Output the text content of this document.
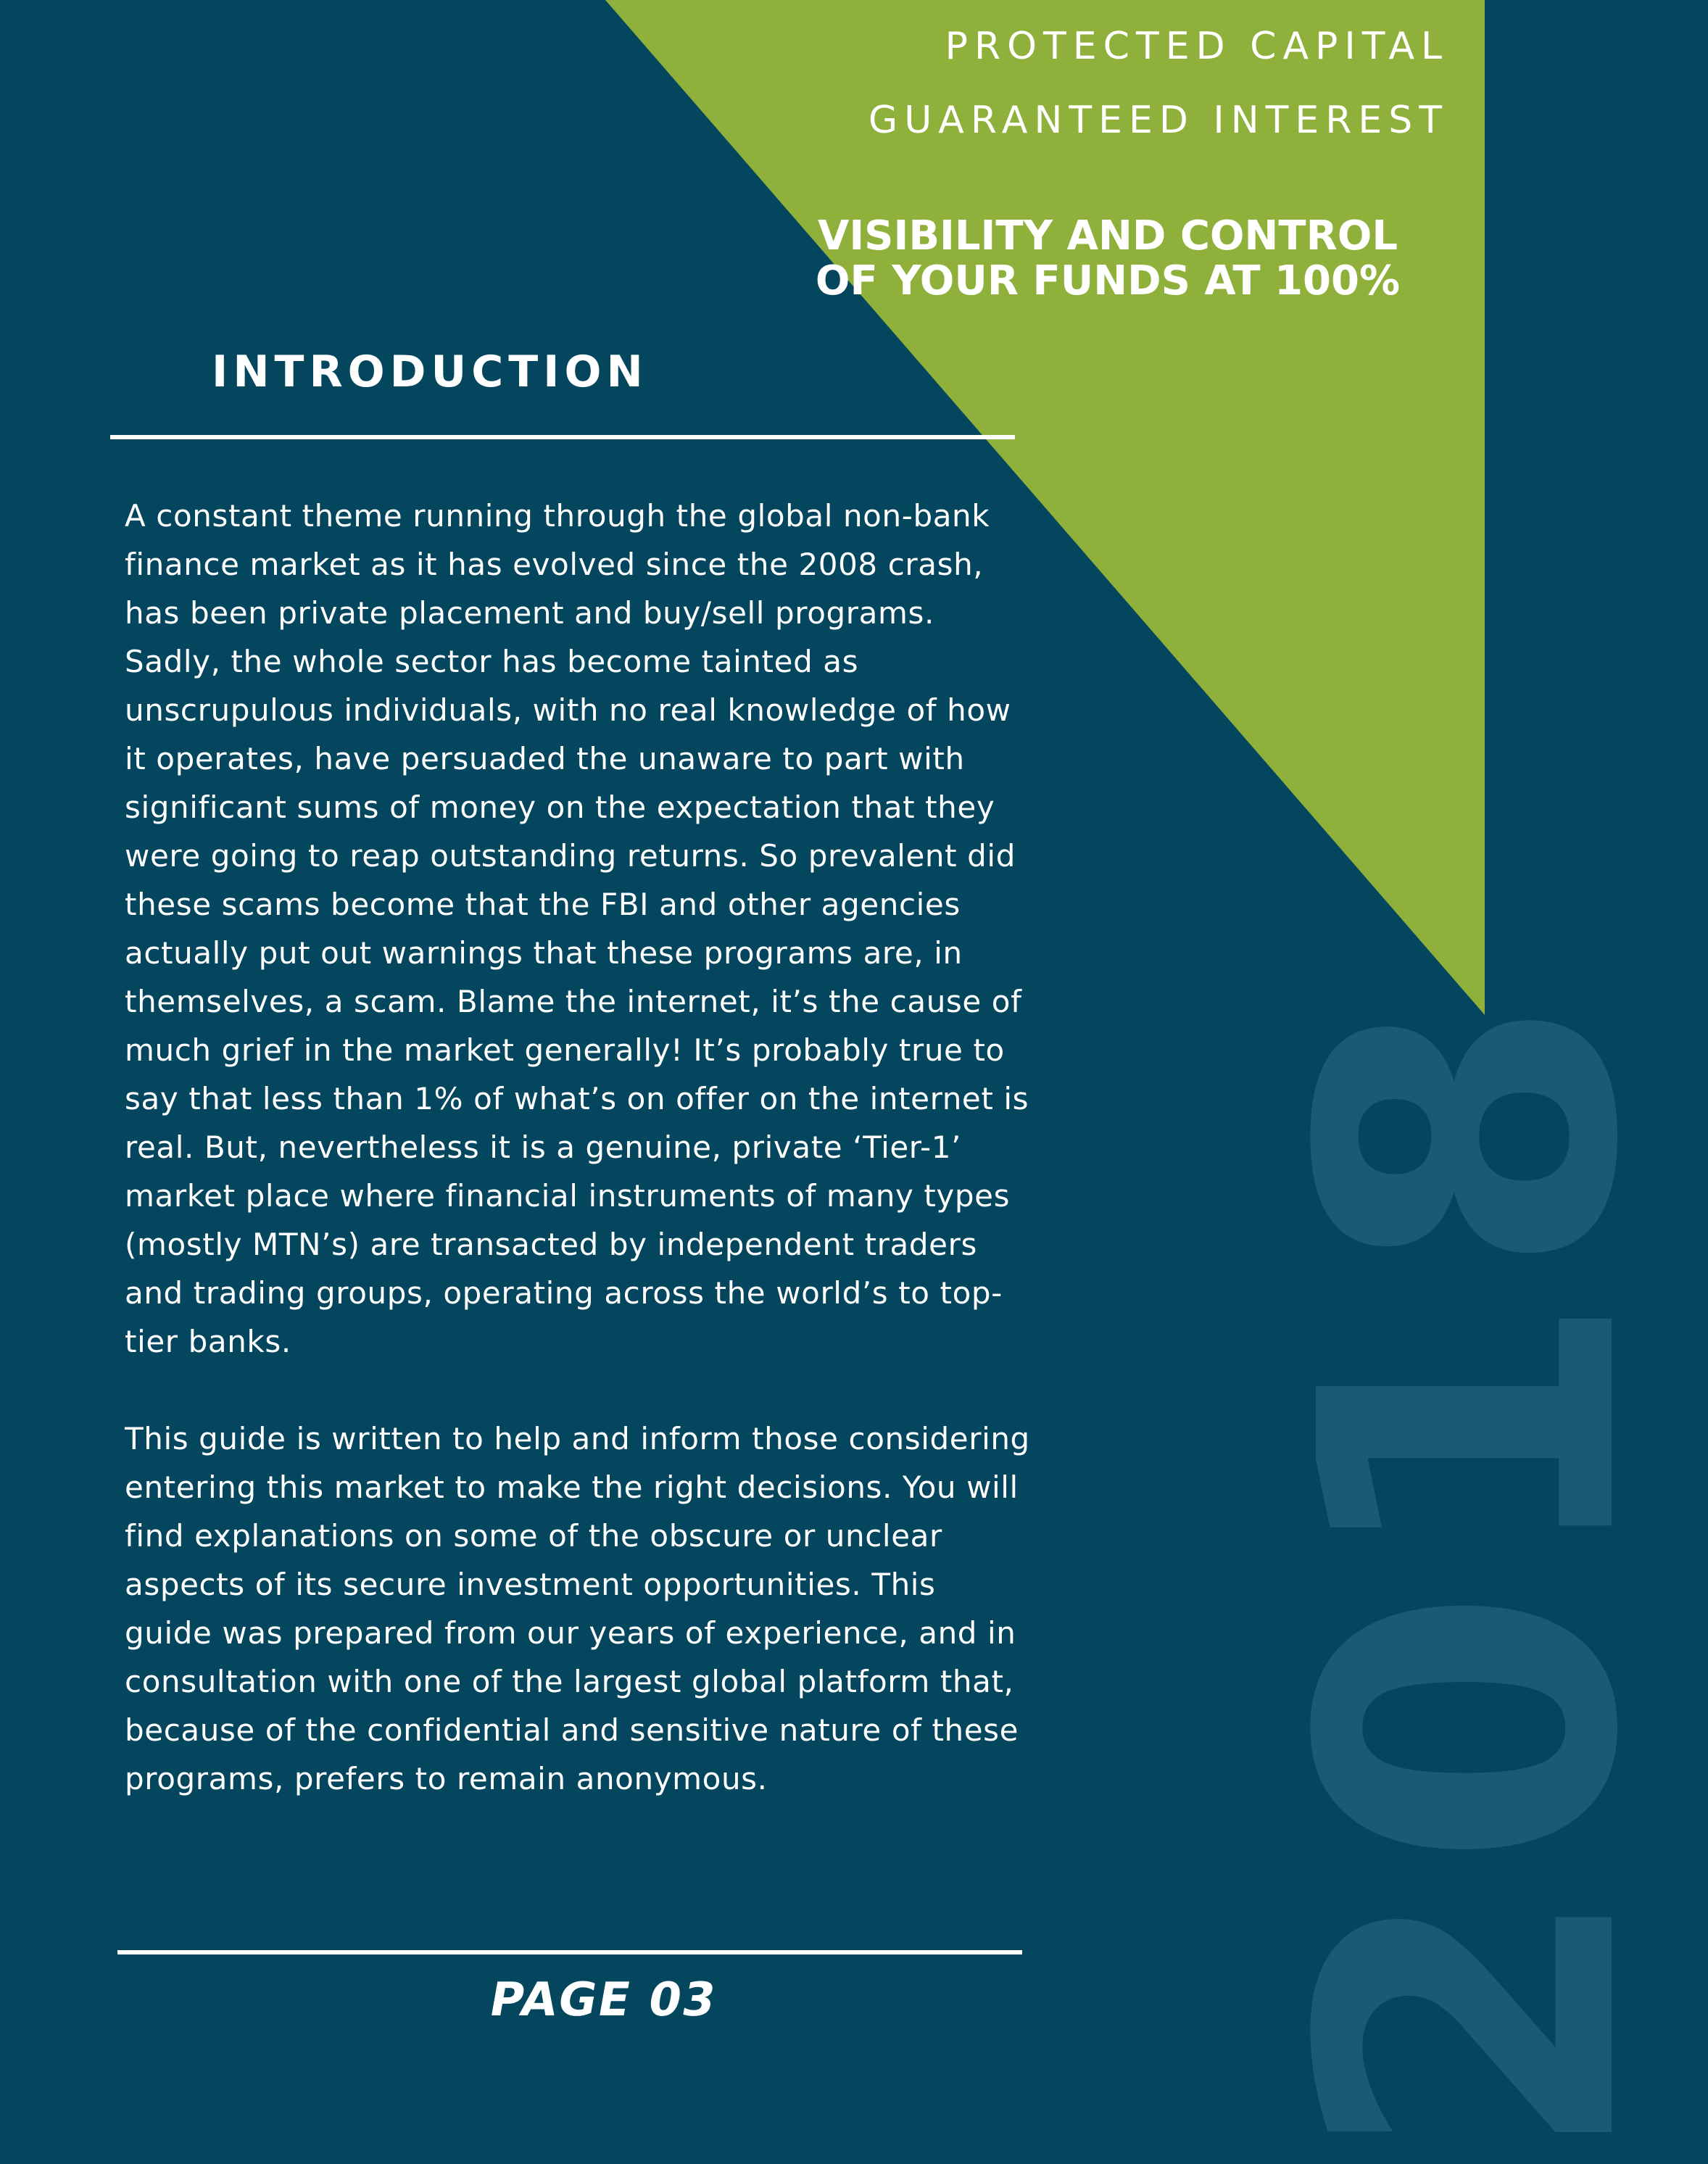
2018
PROTECTED CAPITAL
GUARANTEED INTEREST
VISIBILITY AND CONTROL
OF YOUR FUNDS AT 100%
INTRODUCTION

A constant theme running through the global non-bank finance market as it has evolved since the 2008 crash, has been private placement and buy/sell programs. Sadly, the whole sector has become tainted as unscrupulous individuals, with no real knowledge of how it operates, have persuaded the unaware to part with significant sums of money on the expectation that they were going to reap outstanding returns. So prevalent did these scams become that the FBI and other agencies actually put out warnings that these programs are, in themselves, a scam. Blame the internet, it’s the cause of much grief in the market generally! It’s probably true to say that less than 1% of what’s on offer on the internet is real. But, nevertheless it is a genuine, private ‘Tier-1’ market place where financial instruments of many types (mostly MTN’s) are transacted by independent traders and trading groups, operating across the world’s to top-tier banks.

This guide is written to help and inform those considering entering this market to make the right decisions. You will find explanations on some of the obscure or unclear aspects of its secure investment opportunities. This guide was prepared from our years of experience, and in consultation with one of the largest global platform that, because of the confidential and sensitive nature of these programs, prefers to remain anonymous.

PAGE 03
